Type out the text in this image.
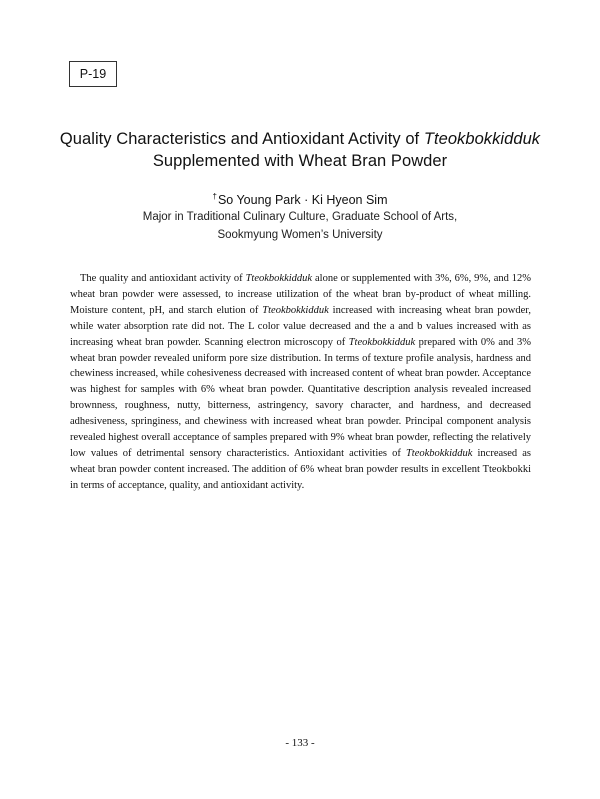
P-19
Quality Characteristics and Antioxidant Activity of Tteokbokkidduk
Supplemented with Wheat Bran Powder
†So Young Park · Ki Hyeon Sim
Major in Traditional Culinary Culture, Graduate School of Arts,
Sookmyung Women’s University

The quality and antioxidant activity of Tteokbokkidduk alone or supplemented with 3%, 6%, 9%, and 12% wheat bran powder were assessed, to increase utilization of the wheat bran by-product of wheat milling. Moisture content, pH, and starch elution of Tteokbokkidduk increased with increasing wheat bran powder, while water absorption rate did not. The L color value decreased and the a and b values increased with as increasing wheat bran powder. Scanning electron microscopy of Tteokbokkidduk prepared with 0% and 3% wheat bran powder revealed uniform pore size distribution. In terms of texture profile analysis, hardness and chewiness increased, while cohesiveness decreased with increased content of wheat bran powder. Acceptance was highest for samples with 6% wheat bran powder. Quantitative description analysis revealed increased brownness, roughness, nutty, bitterness, astringency, savory character, and hardness, and decreased adhesiveness, springiness, and chewiness with increased wheat bran powder. Principal component analysis revealed highest overall acceptance of samples prepared with 9% wheat bran powder, reflecting the relatively low values of detrimental sensory characteristics. Antioxidant activities of Tteokbokkidduk increased as wheat bran powder content increased. The addition of 6% wheat bran powder results in excellent Tteokbokki in terms of acceptance, quality, and antioxidant activity.

- 133 -
